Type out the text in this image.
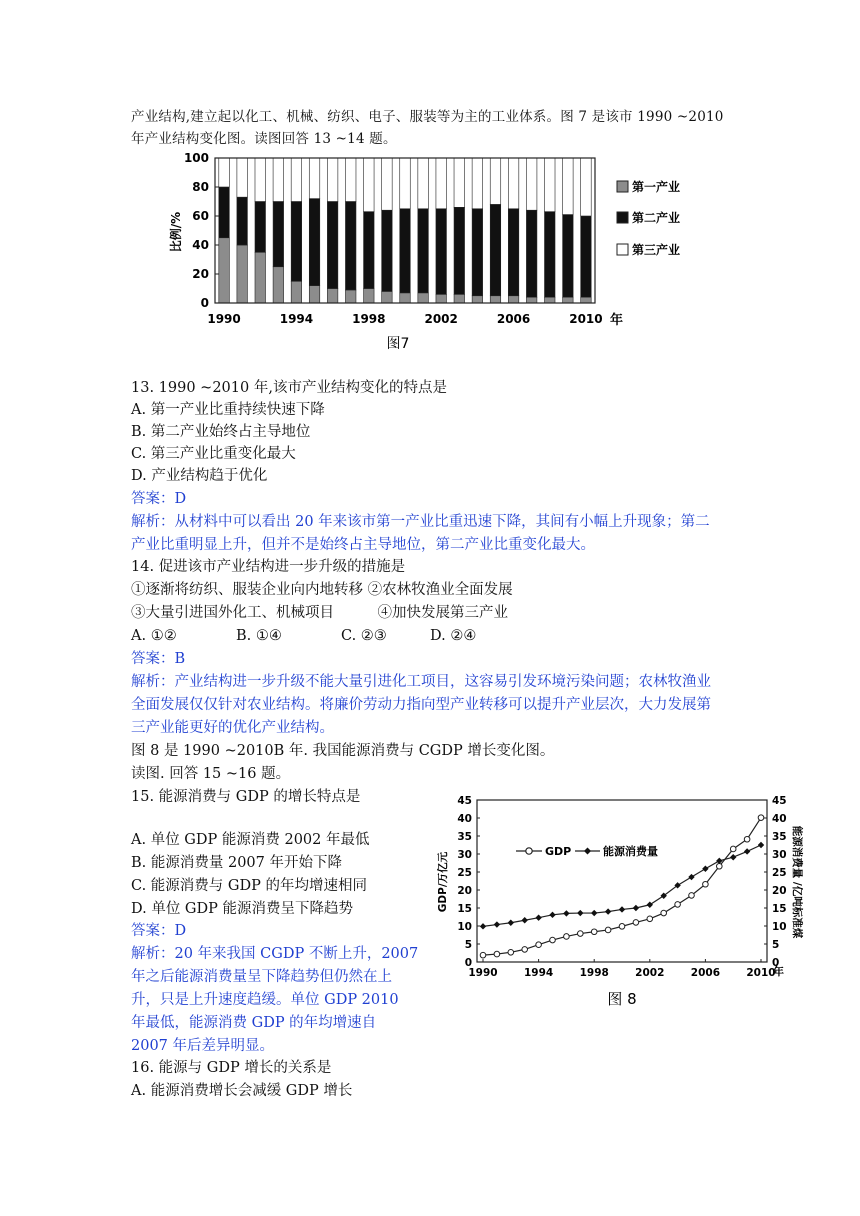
产业结构,建立起以化工、机械、纺织、电子、服装等为主的工业体系。图 7 是该市 1990 ~2010
年产业结构变化图。读图回答 13 ~14 题。
0
20
40
60
80
100
1990	1994	1998	2002	2006	2010
比例/%
年
第一产业
第二产业
第三产业
图7
13. 1990 ~2010 年,该市产业结构变化的特点是
A. 第一产业比重持续快速下降
B. 第二产业始终占主导地位
C. 第三产业比重变化最大
D. 产业结构趋于优化
答案：D
解析：从材料中可以看出 20 年来该市第一产业比重迅速下降，其间有小幅上升现象；第二
产业比重明显上升，但并不是始终占主导地位，第二产业比重变化最大。
14. 促进该市产业结构进一步升级的措施是
①逐渐将纺织、服装企业向内地转移 ②农林牧渔业全面发展
③大量引进国外化工、机械项目　　　④加快发展第三产业
A. ①②	B. ①④	C. ②③	D. ②④
答案：B
解析：产业结构进一步升级不能大量引进化工项目，这容易引发环境污染问题；农林牧渔业
全面发展仅仅针对农业结构。将廉价劳动力指向型产业转移可以提升产业层次，大力发展第
三产业能更好的优化产业结构。
图 8 是 1990 ~2010B 年. 我国能源消费与 CGDP 增长变化图。
读图. 回答 15 ~16 题。
15. 能源消费与 GDP 的增长特点是
A. 单位 GDP 能源消费 2002 年最低
B. 能源消费量 2007 年开始下降
C. 能源消费与 GDP 的年均增速相同
D. 单位 GDP 能源消费呈下降趋势
答案：D
解析：20 年来我国 CGDP 不断上升，2007
年之后能源消费量呈下降趋势但仍然在上
升，只是上升速度趋缓。单位 GDP 2010
年最低，能源消费 GDP 的年均增速自
2007 年后差异明显。
16. 能源与 GDP 增长的关系是
A. 能源消费增长会减缓 GDP 增长
0	0
5	5
10	10
15	15
20	20
25	25
30	30
35	35
40	40
45	45
1990	1994	1998	2002	2006	2010
GDP/万亿元	能源消费量 /亿吨标准煤
年
GDP	能源消费量
图 8
